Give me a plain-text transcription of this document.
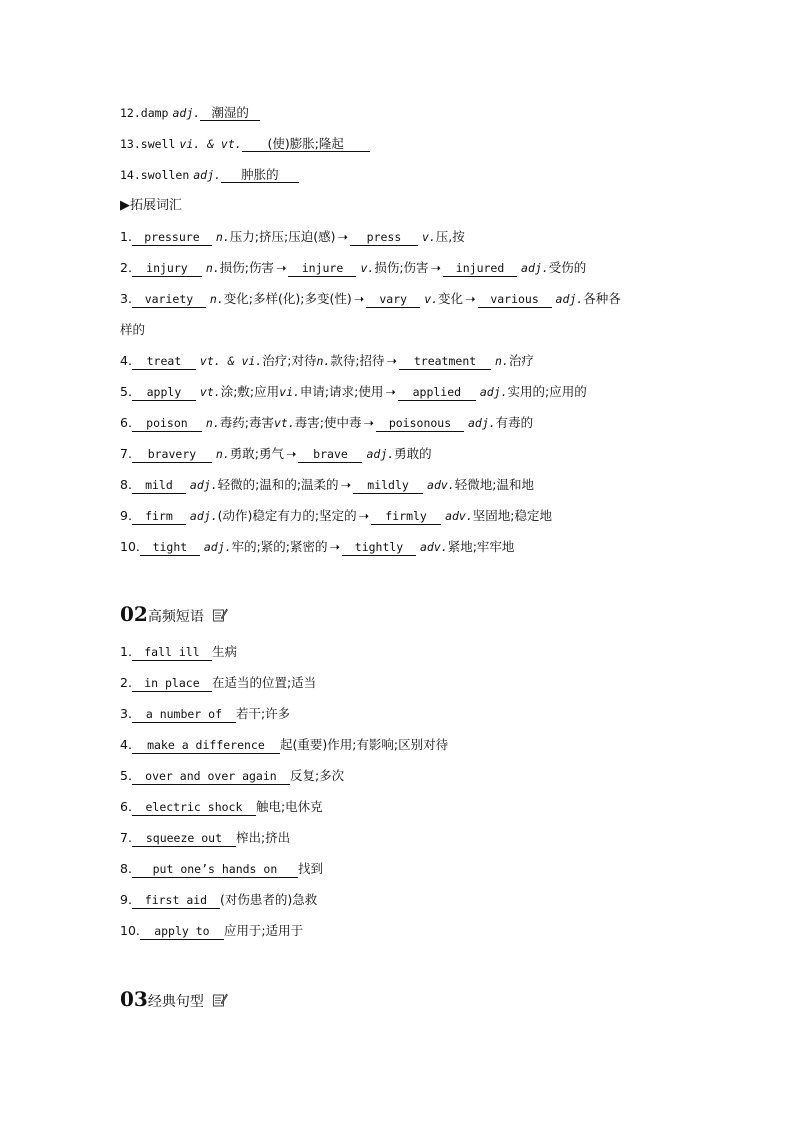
12.damp adj. 潮湿的
13.swell vi. & vt. (使)膨胀;隆起
14.swollen adj. 肿胀的
▶拓展词汇
1. pressure n.压力;挤压;压迫(感) ➝ press v.压,按
2. injury n.损伤;伤害 ➝ injure v.损伤;伤害 ➝ injured adj.受伤的
3. variety n.变化;多样(化);多变(性) ➝ vary v.变化 ➝ various adj.各种各
样的
4. treat vt. & vi.治疗;对待n.款待;招待 ➝ treatment n.治疗
5. apply vt.涂;敷;应用vi.申请;请求;使用 ➝ applied adj.实用的;应用的
6. poison n.毒药;毒害vt.毒害;使中毒 ➝ poisonous adj.有毒的
7. bravery n.勇敢;勇气 ➝ brave adj.勇敢的
8. mild adj.轻微的;温和的;温柔的 ➝ mildly adv.轻微地;温和地
9. firm adj.(动作)稳定有力的;坚定的 ➝ firmly adv.坚固地;稳定地
10. tight adj.牢的;紧的;紧密的 ➝ tightly adv.紧地;牢牢地
02高频短语
1. fall ill 生病
2. in place 在适当的位置;适当
3. a number of 若干;许多
4. make a difference 起(重要)作用;有影响;区别对待
5. over and over again 反复;多次
6. electric shock 触电;电休克
7. squeeze out 榨出;挤出
8. put one’s hands on 找到
9. first aid (对伤患者的)急救
10. apply to 应用于;适用于
03经典句型
